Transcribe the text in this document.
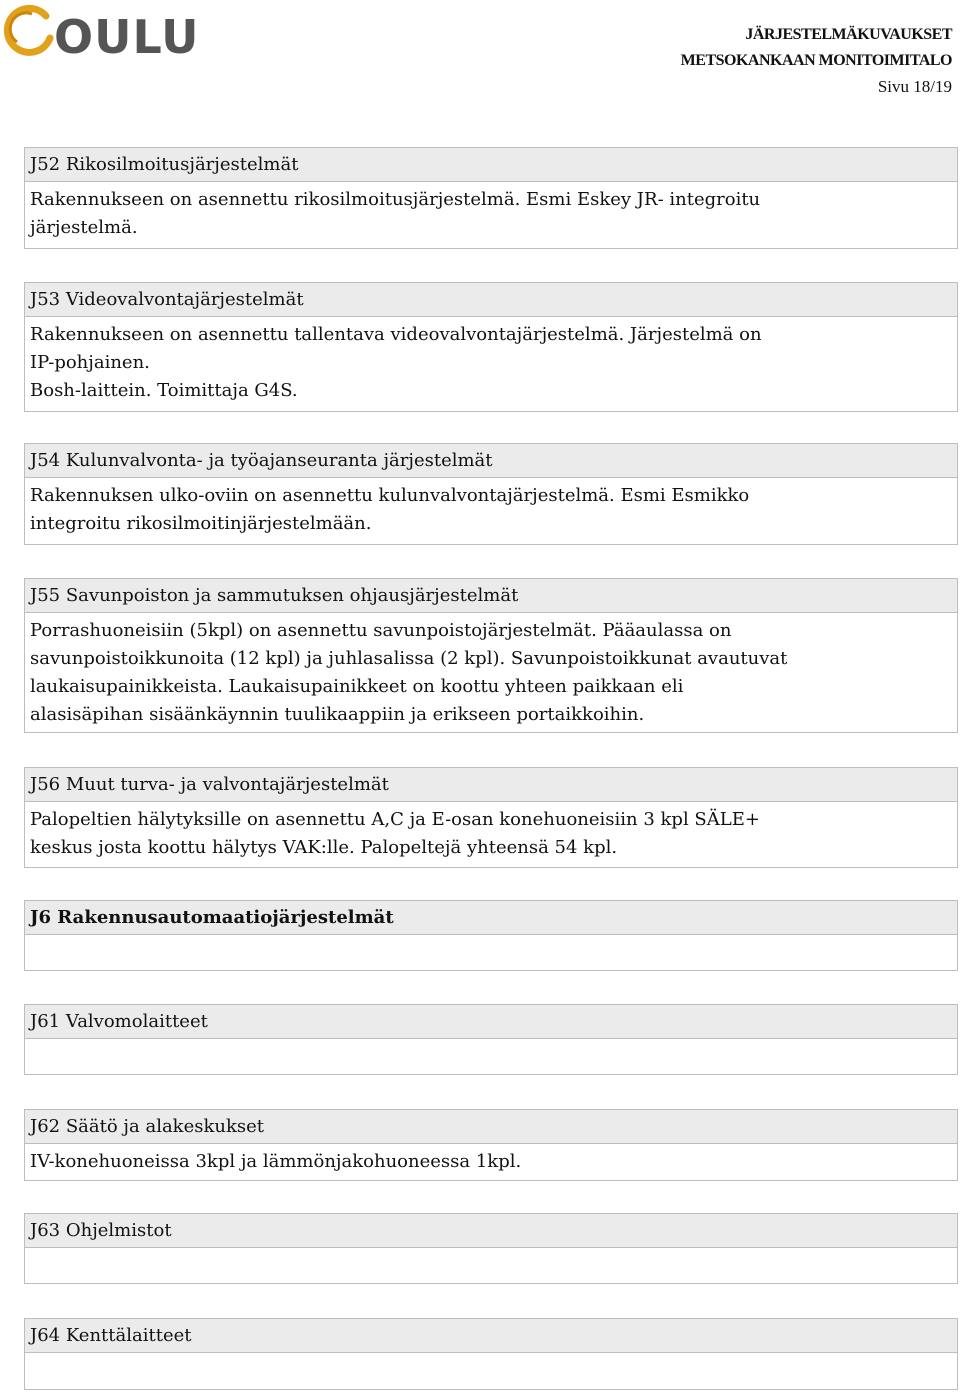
OULU	JÄRJESTELMÄKUVAUKSET
METSOKANKAAN MONITOIMITALO
Sivu 18/19
J52 Rikosilmoitusjärjestelmät
Rakennukseen on asennettu rikosilmoitusjärjestelmä. Esmi Eskey JR- integroitu
järjestelmä.
J53 Videovalvontajärjestelmät
Rakennukseen on asennettu tallentava videovalvontajärjestelmä. Järjestelmä on
IP-pohjainen.
Bosh-laittein. Toimittaja G4S.
J54 Kulunvalvonta- ja työajanseuranta järjestelmät
Rakennuksen ulko-oviin on asennettu kulunvalvontajärjestelmä. Esmi Esmikko
integroitu rikosilmoitinjärjestelmään.
J55 Savunpoiston ja sammutuksen ohjausjärjestelmät
Porrashuoneisiin (5kpl) on asennettu savunpoistojärjestelmät. Pääaulassa on
savunpoistoikkunoita (12 kpl) ja juhlasalissa (2 kpl). Savunpoistoikkunat avautuvat
laukaisupainikkeista. Laukaisupainikkeet on koottu yhteen paikkaan eli
alasisäpihan sisäänkäynnin tuulikaappiin ja erikseen portaikkoihin.
J56 Muut turva- ja valvontajärjestelmät
Palopeltien hälytyksille on asennettu A,C ja E-osan konehuoneisiin 3 kpl SÄLE+
keskus josta koottu hälytys VAK:lle. Palopeltejä yhteensä 54 kpl.
J6 Rakennusautomaatiojärjestelmät
J61 Valvomolaitteet
J62 Säätö ja alakeskukset
IV-konehuoneissa 3kpl ja lämmönjakohuoneessa 1kpl.
J63 Ohjelmistot
J64 Kenttälaitteet
